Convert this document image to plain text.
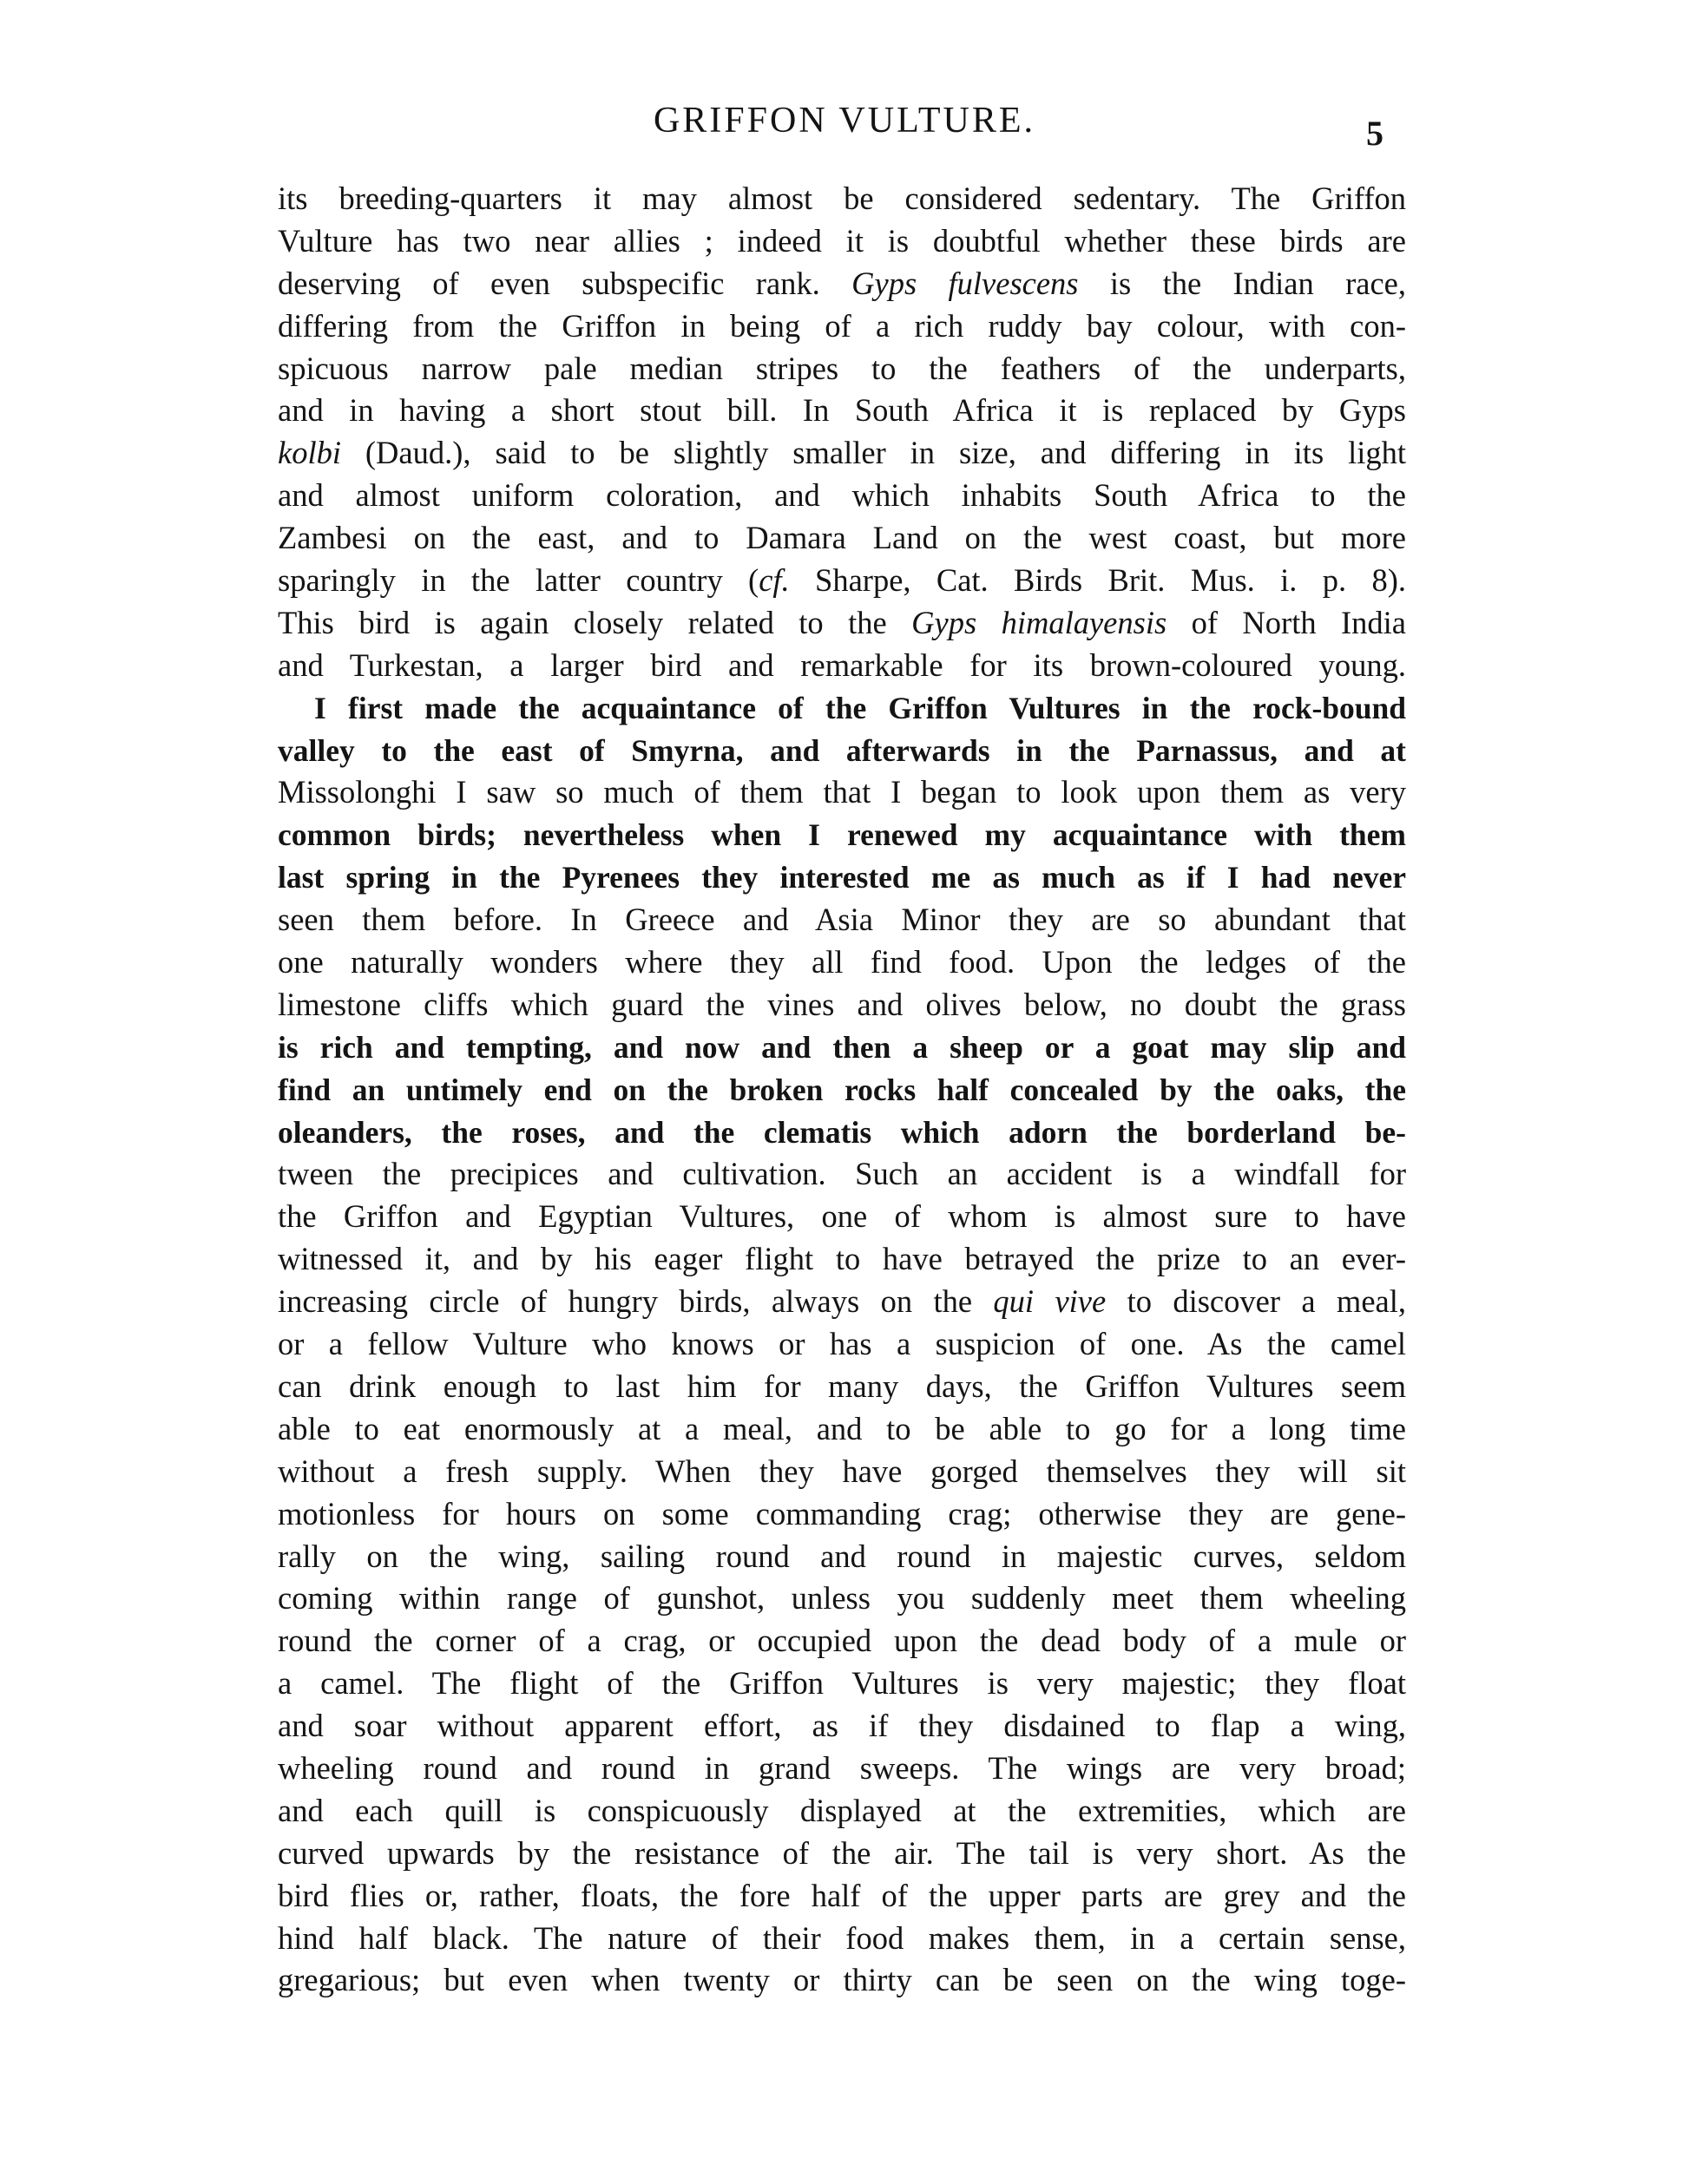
GRIFFON VULTURE.	5
its breeding-quarters it may almost be considered sedentary. The Griffon
Vulture has two near allies ; indeed it is doubtful whether these birds are
deserving of even subspecific rank. Gyps fulvescens is the Indian race,
differing from the Griffon in being of a rich ruddy bay colour, with con-
spicuous narrow pale median stripes to the feathers of the underparts,
and in having a short stout bill. In South Africa it is replaced by Gyps
kolbi (Daud.), said to be slightly smaller in size, and differing in its light
and almost uniform coloration, and which inhabits South Africa to the
Zambesi on the east, and to Damara Land on the west coast, but more
sparingly in the latter country (cf. Sharpe, Cat. Birds Brit. Mus. i. p. 8).
This bird is again closely related to the Gyps himalayensis of North India
and Turkestan, a larger bird and remarkable for its brown-coloured young.
I first made the acquaintance of the Griffon Vultures in the rock-bound
valley to the east of Smyrna, and afterwards in the Parnassus, and at
Missolonghi I saw so much of them that I began to look upon them as very
common birds; nevertheless when I renewed my acquaintance with them
last spring in the Pyrenees they interested me as much as if I had never
seen them before. In Greece and Asia Minor they are so abundant that
one naturally wonders where they all find food. Upon the ledges of the
limestone cliffs which guard the vines and olives below, no doubt the grass
is rich and tempting, and now and then a sheep or a goat may slip and
find an untimely end on the broken rocks half concealed by the oaks, the
oleanders, the roses, and the clematis which adorn the borderland be-
tween the precipices and cultivation. Such an accident is a windfall for
the Griffon and Egyptian Vultures, one of whom is almost sure to have
witnessed it, and by his eager flight to have betrayed the prize to an ever-
increasing circle of hungry birds, always on the qui vive to discover a meal,
or a fellow Vulture who knows or has a suspicion of one. As the camel
can drink enough to last him for many days, the Griffon Vultures seem
able to eat enormously at a meal, and to be able to go for a long time
without a fresh supply. When they have gorged themselves they will sit
motionless for hours on some commanding crag; otherwise they are gene-
rally on the wing, sailing round and round in majestic curves, seldom
coming within range of gunshot, unless you suddenly meet them wheeling
round the corner of a crag, or occupied upon the dead body of a mule or
a camel. The flight of the Griffon Vultures is very majestic; they float
and soar without apparent effort, as if they disdained to flap a wing,
wheeling round and round in grand sweeps. The wings are very broad;
and each quill is conspicuously displayed at the extremities, which are
curved upwards by the resistance of the air. The tail is very short. As the
bird flies or, rather, floats, the fore half of the upper parts are grey and the
hind half black. The nature of their food makes them, in a certain sense,
gregarious; but even when twenty or thirty can be seen on the wing toge-
